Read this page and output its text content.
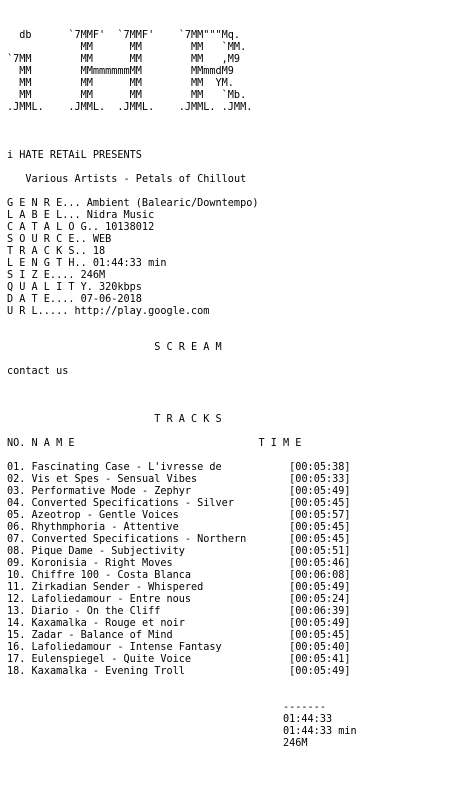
db      `7MMF'  `7MMF'    `7MM"""Mq.
MM      MM        MM   `MM.
`7MM        MM      MM        MM   ,M9
MM        MMmmmmmmMM        MMmmdM9
MM        MM      MM        MM  YM.
MM        MM      MM        MM   `Mb.
.JMML.    .JMML.  .JMML.    .JMML. .JMM.

i HATE RETAiL PRESENTS

Various Artists - Petals of Chillout

G E N R E... Ambient (Balearic/Downtempo)
L A B E L... Nidra Music
C A T A L O G.. 10138012
S O U R C E.. WEB
T R A C K S.. 18
L E N G T H.. 01:44:33 min
S I Z E.... 246M
Q U A L I T Y. 320kbps
D A T E.... 07-06-2018
U R L..... http://play.google.com

S C R E A M

contact us

T R A C K S

NO. N A M E	T I M E

01. Fascinating Case - L'ivresse de	[00:05:38]
02. Vis et Spes - Sensual Vibes	[00:05:33]
03. Performative Mode - Zephyr	[00:05:49]
04. Converted Specifications - Silver	[00:05:45]
05. Azeotrop - Gentle Voices	[00:05:57]
06. Rhythmphoria - Attentive	[00:05:45]
07. Converted Specifications - Northern	[00:05:45]
08. Pique Dame - Subjectivity	[00:05:51]
09. Koronisia - Right Moves	[00:05:46]
10. Chiffre 100 - Costa Blanca	[00:06:08]
11. Zirkadian Sender - Whispered	[00:05:49]
12. Lafoliedamour - Entre nous	[00:05:24]
13. Diario - On the Cliff	[00:06:39]
14. Kaxamalka - Rouge et noir	[00:05:49]
15. Zadar - Balance of Mind	[00:05:45]
16. Lafoliedamour - Intense Fantasy	[00:05:40]
17. Eulenspiegel - Quite Voice	[00:05:41]
18. Kaxamalka - Evening Troll	[00:05:49]

-------
01:44:33
01:44:33 min
246M
